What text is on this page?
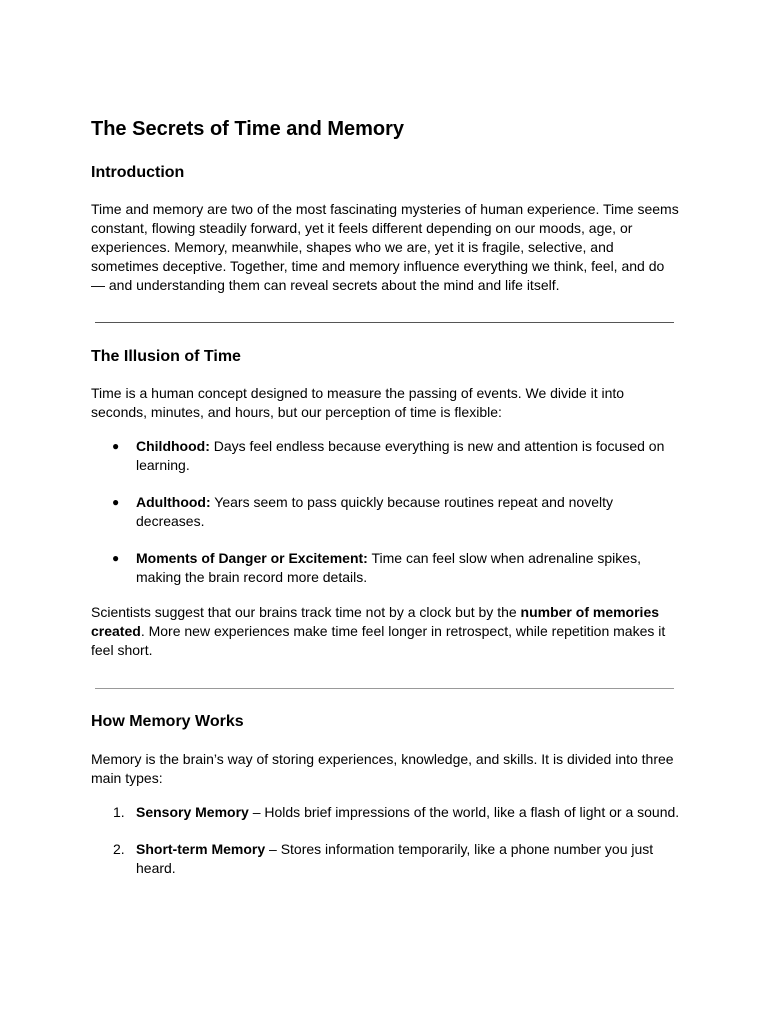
The Secrets of Time and Memory
Introduction

Time and memory are two of the most fascinating mysteries of human experience. Time seems constant, flowing steadily forward, yet it feels different depending on our moods, age, or experiences. Memory, meanwhile, shapes who we are, yet it is fragile, selective, and sometimes deceptive. Together, time and memory influence everything we think, feel, and do — and understanding them can reveal secrets about the mind and life itself.

The Illusion of Time

Time is a human concept designed to measure the passing of events. We divide it into seconds, minutes, and hours, but our perception of time is flexible:

● Childhood: Days feel endless because everything is new and attention is focused on learning.
● Adulthood: Years seem to pass quickly because routines repeat and novelty decreases.
● Moments of Danger or Excitement: Time can feel slow when adrenaline spikes, making the brain record more details.

Scientists suggest that our brains track time not by a clock but by the number of memories created. More new experiences make time feel longer in retrospect, while repetition makes it feel short.

How Memory Works

Memory is the brain’s way of storing experiences, knowledge, and skills. It is divided into three main types:

1. Sensory Memory – Holds brief impressions of the world, like a flash of light or a sound.
2. Short-term Memory – Stores information temporarily, like a phone number you just heard.
